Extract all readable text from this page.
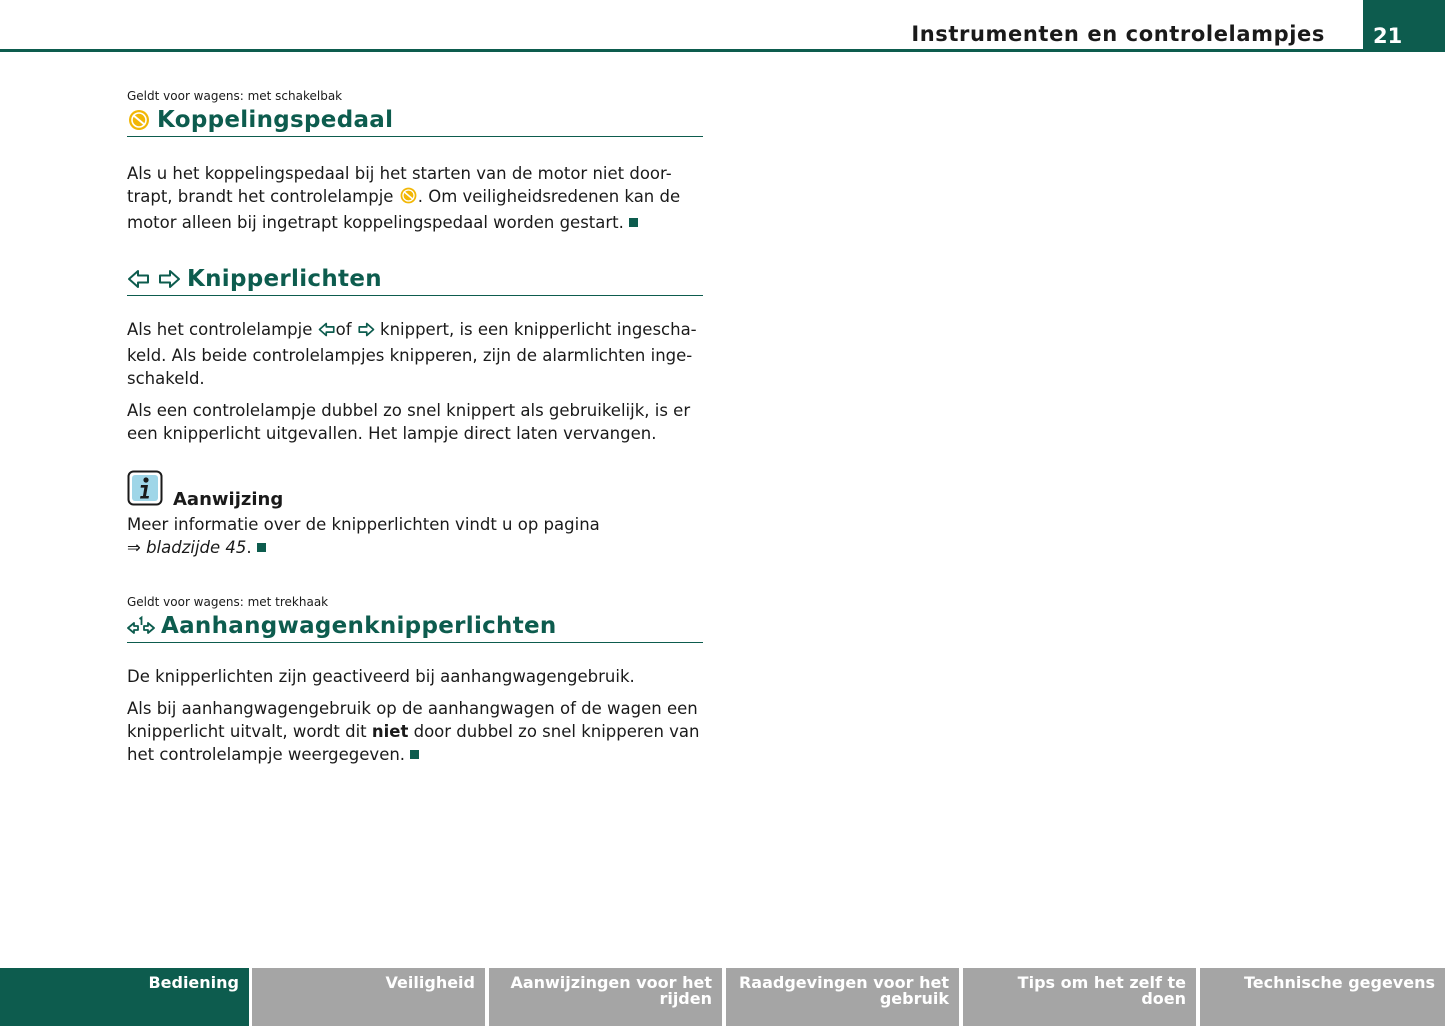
Instrumenten en controlelampjes	21
Geldt voor wagens: met schakelbak
Koppelingspedaal

Als u het koppelingspedaal bij het starten van de motor niet door-
trapt, brandt het controlelampje . Om veiligheidsredenen kan de
motor alleen bij ingetrapt koppelingspedaal worden gestart.

Knipperlichten

Als het controlelampje of knippert, is een knipperlicht ingescha-
keld. Als beide controlelampjes knipperen, zijn de alarmlichten inge-
schakeld.

Als een controlelampje dubbel zo snel knippert als gebruikelijk, is er een knipperlicht uitgevallen. Het lampje direct laten vervangen.

Aanwijzing

Meer informatie over de knipperlichten vindt u op pagina
⇒ bladzijde 45.

Geldt voor wagens: met trekhaak
Aanhangwagenknipperlichten

De knipperlichten zijn geactiveerd bij aanhangwagengebruik.

Als bij aanhangwagengebruik op de aanhangwagen of de wagen een knipperlicht uitvalt, wordt dit niet door dubbel zo snel knipperen van het controlelampje weergegeven.

Bediening	Veiligheid	Aanwijzingen voor het rijden
Raadgevingen voor het gebruik
Tips om het zelf te doen
Technische gegevens
